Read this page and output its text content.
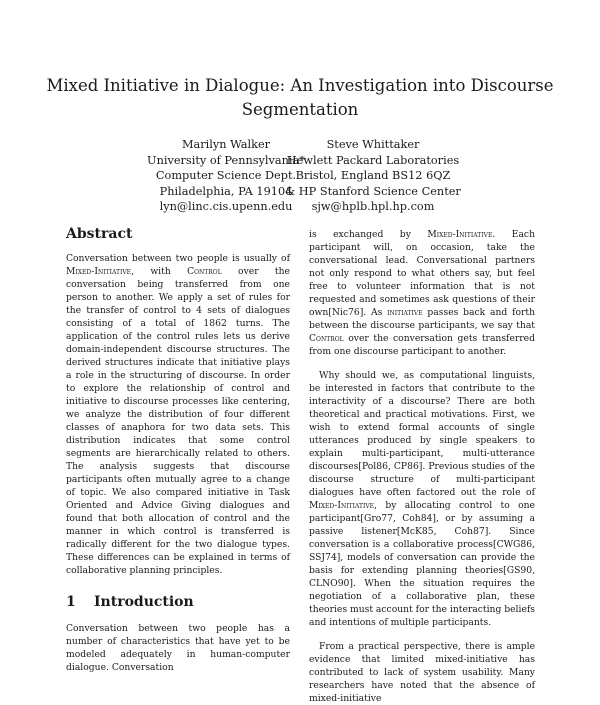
Mixed Initiative in Dialogue: An Investigation into Discourse
Segmentation
Marilyn Walker
University of Pennsylvania*
Computer Science Dept.
Philadelphia, PA 19104
lyn@linc.cis.upenn.edu
Steve Whittaker
Hewlett Packard Laboratories
Bristol, England BS12 6QZ
& HP Stanford Science Center
sjw@hplb.hpl.hp.com
Abstract

Conversation between two people is usually of Mixed-Initiative, with Control over the conversation being transferred from one person to another. We apply a set of rules for the transfer of control to 4 sets of dialogues consisting of a total of 1862 turns. The application of the control rules lets us derive domain-independent discourse structures. The derived structures indicate that initiative plays a role in the structuring of discourse. In order to explore the relationship of control and initiative to discourse processes like centering, we analyze the distribution of four different classes of anaphora for two data sets. This distribution indicates that some control segments are hierarchically related to others. The analysis suggests that discourse participants often mutually agree to a change of topic. We also compared initiative in Task Oriented and Advice Giving dialogues and found that both allocation of control and the manner in which control is transferred is radically different for the two dialogue types. These differences can be explained in terms of collaborative planning principles.

1 Introduction

Conversation between two people has a number of characteristics that have yet to be modeled adequately in human-computer dialogue. Conversation

is exchanged by Mixed-Initiative. Each participant will, on occasion, take the conversational lead. Conversational partners not only respond to what others say, but feel free to volunteer information that is not requested and sometimes ask questions of their own[Nic76]. As initiative passes back and forth between the discourse participants, we say that Control over the conversation gets transferred from one discourse participant to another.

Why should we, as computational linguists, be interested in factors that contribute to the interactivity of a discourse? There are both theoretical and practical motivations. First, we wish to extend formal accounts of single utterances produced by single speakers to explain multi-participant, multi-utterance discourses[Pol86, CP86]. Previous studies of the discourse structure of multi-participant dialogues have often factored out the role of Mixed-Initiative, by allocating control to one participant[Gro77, Coh84], or by assuming a passive listener[McK85, Coh87]. Since conversation is a collaborative process[CWG86, SSJ74], models of conversation can provide the basis for extending planning theories[GS90, CLNO90]. When the situation requires the negotiation of a collaborative plan, these theories must account for the interacting beliefs and intentions of multiple participants.

From a practical perspective, there is ample evidence that limited mixed-initiative has contributed to lack of system usability. Many researchers have noted that the absence of mixed-initiative
